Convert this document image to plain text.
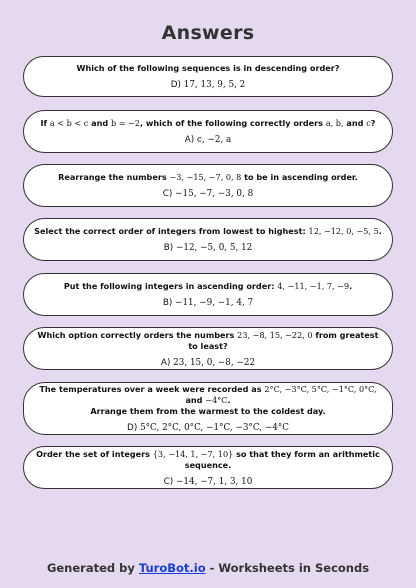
Answers
Which of the following sequences is in descending order?
D) 17, 13, 9, 5, 2
If a < b < c and b = −2, which of the following correctly orders a, b, and c?
A) c, −2, a
Rearrange the numbers −3, −15, −7, 0, 8 to be in ascending order.
C) −15, −7, −3, 0, 8
Select the correct order of integers from lowest to highest: 12, −12, 0, −5, 5.
B) −12, −5, 0, 5, 12
Put the following integers in ascending order: 4, −11, −1, 7, −9.
B) −11, −9, −1, 4, 7
Which option correctly orders the numbers 23, −8, 15, −22, 0 from greatest to least?
A) 23, 15, 0, −8, −22
The temperatures over a week were recorded as 2°C, −3°C, 5°C, −1°C, 0°C, and −4°C.
Arrange them from the warmest to the coldest day.
D) 5°C, 2°C, 0°C, −1°C, −3°C, −4°C
Order the set of integers {3, −14, 1, −7, 10} so that they form an arithmetic sequence.
C) −14, −7, 1, 3, 10
Generated by TuroBot.io - Worksheets in Seconds
